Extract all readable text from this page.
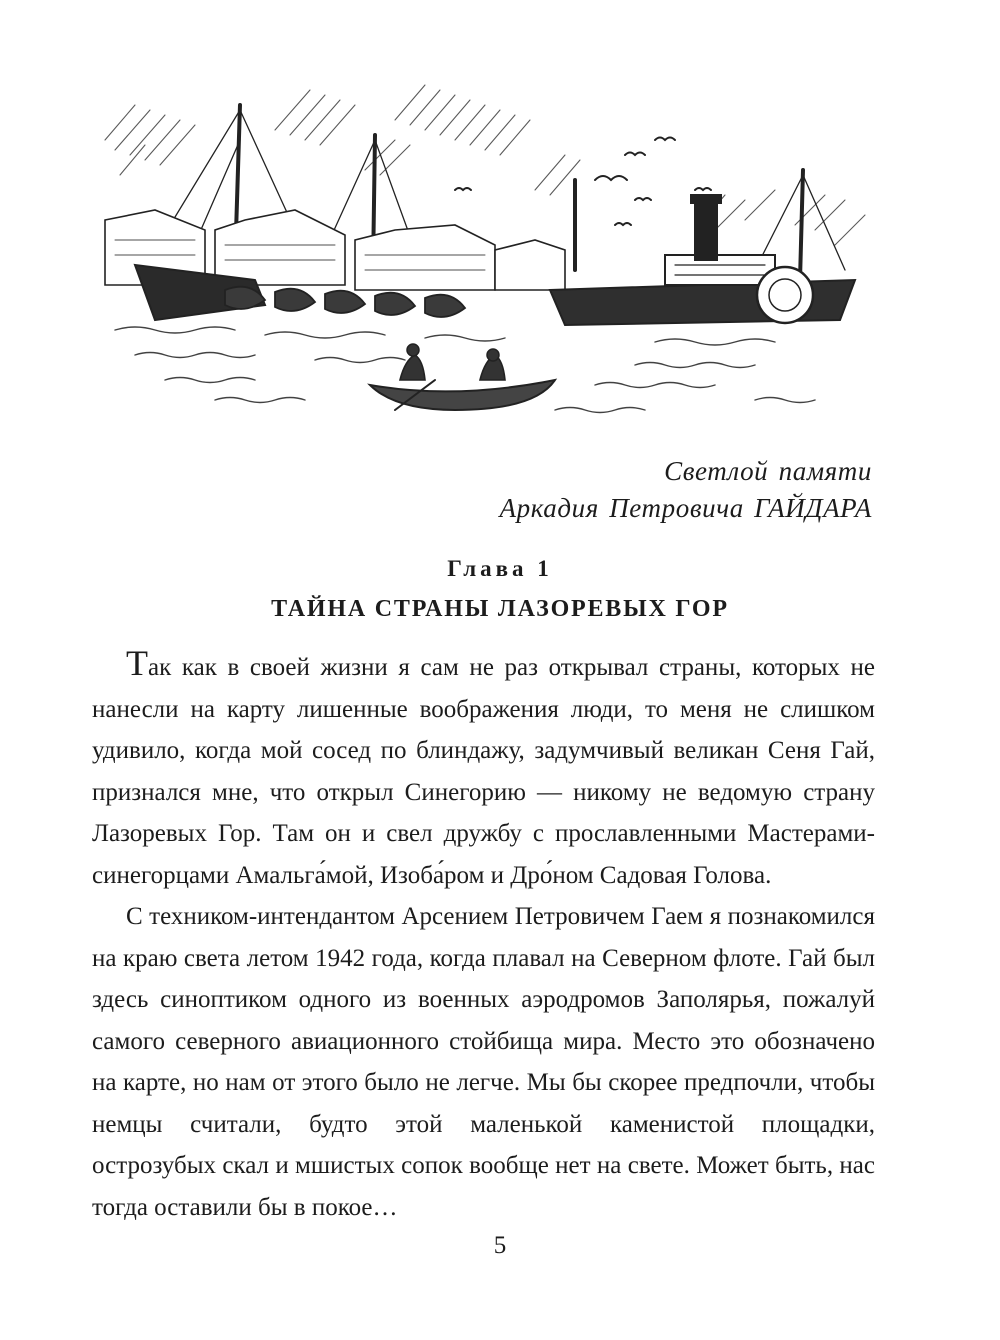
Светлой памяти
Аркадия Петровича ГАЙДАРА
Глава 1
ТАЙНА СТРАНЫ ЛАЗОРЕВЫХ ГОР

Так как в своей жизни я сам не раз открывал страны, которых не нанесли на карту лишенные воображения люди, то меня не слишком удивило, когда мой сосед по блиндажу, задумчивый великан Сеня Гай, признался мне, что открыл Синегорию — никому не ведомую страну Лазоревых Гор. Там он и свел дружбу с прославленными Мастерами-синегорцами Амальга́мой, Изоба́ром и Дро́ном Садовая Голова.

С техником-интендантом Арсением Петровичем Гаем я познакомился на краю света летом 1942 года, когда плавал на Северном флоте. Гай был здесь синоптиком одного из военных аэродромов Заполярья, пожалуй самого северного авиационного стойбища мира. Место это обозначено на карте, но нам от этого было не легче. Мы бы скорее предпочли, чтобы немцы считали, будто этой маленькой каменистой площадки, острозубых скал и мшистых сопок вообще нет на свете. Может быть, нас тогда оставили бы в покое…

5
